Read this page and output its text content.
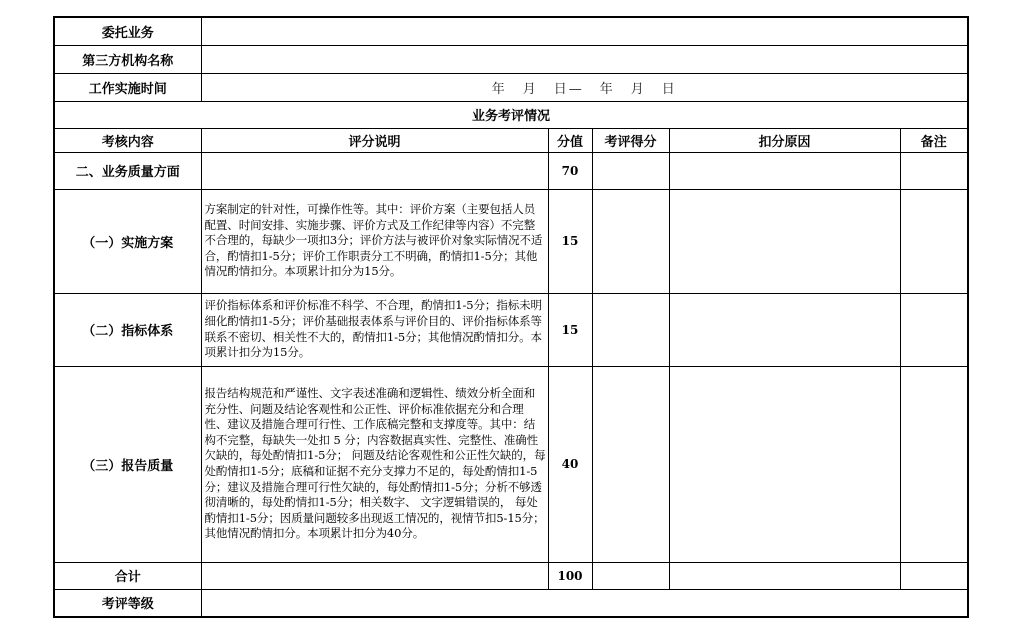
委托业务					
第三方机构名称					
工作实施时间	年 月 日— 年 月 日				
业务考评情况					
考核内容	评分说明	分值	考评得分	扣分原因	备注
二、业务质量方面		70			
（一）实施方案	方案制定的针对性，可操作性等。其中：评价方案（主要包括人员配置、时间安排、实施步骤、评价方式及工作纪律等内容）不完整不合理的，每缺少一项扣3分；评价方法与被评价对象实际情况不适合，酌情扣1-5分；评价工作职责分工不明确，酌情扣1-5分；其他情况酌情扣分。本项累计扣分为15分。	15			
（二）指标体系	评价指标体系和评价标准不科学、不合理，酌情扣1-5分；指标未明细化酌情扣1-5分；评价基础报表体系与评价目的、评价指标体系等联系不密切、相关性不大的，酌情扣1-5分；其他情况酌情扣分。本项累计扣分为15分。	15			
（三）报告质量	报告结构规范和严谨性、文字表述准确和逻辑性、绩效分析全面和充分性、问题及结论客观性和公正性、评价标准依据充分和合理性、建议及措施合理可行性、工作底稿完整和支撑度等。其中：结构不完整，每缺失一处扣 5 分；内容数据真实性、完整性、准确性欠缺的，每处酌情扣1-5分； 问题及结论客观性和公正性欠缺的，每处酌情扣1-5分；底稿和证据不充分支撑力不足的，每处酌情扣1-5分；建议及措施合理可行性欠缺的，每处酌情扣1-5分；分析不够透彻清晰的，每处酌情扣1-5分；相关数字、 文字逻辑错误的， 每处酌情扣1-5分；因质量问题较多出现返工情况的，视情节扣5-15分；其他情况酌情扣分。本项累计扣分为40分。	40			
合计		100			
考评等级					
